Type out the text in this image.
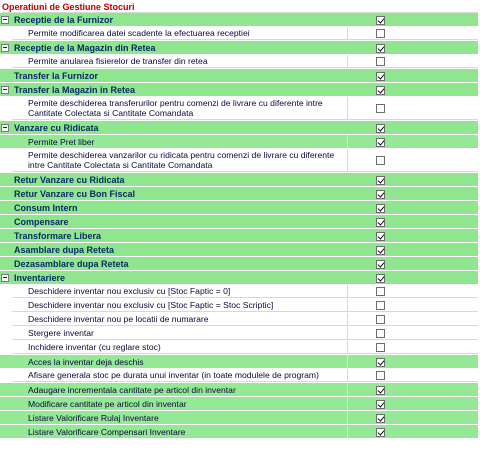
Operatiuni de Gestiune Stocuri
Receptie de la Furnizor
Permite modificarea datei scadente la efectuarea receptiei
Receptie de la Magazin din Retea
Permite anularea fisierelor de transfer din retea
Transfer la Furnizor
Transfer la Magazin in Retea
Permite deschiderea transferurilor pentru comenzi de livrare cu diferente intre Cantitate Colectata si Cantitate Comandata
Vanzare cu Ridicata
Permite Pret liber
Permite deschiderea vanzarilor cu ridicata pentru comenzi de livrare cu diferente intre Cantitate Colectata si Cantitate Comandata
Retur Vanzare cu Ridicata
Retur Vanzare cu Bon Fiscal
Consum Intern
Compensare
Transformare Libera
Asamblare dupa Reteta
Dezasamblare dupa Reteta
Inventariere
Deschidere inventar nou exclusiv cu [Stoc Faptic = 0]
Deschidere inventar nou exclusiv cu [Stoc Faptic = Stoc Scriptic]
Deschidere inventar nou pe locatii de numarare
Stergere inventar
Inchidere inventar (cu reglare stoc)
Acces la inventar deja deschis
Afisare generala stoc pe durata unui inventar (in toate modulele de program)
Adaugare incrementala cantitate pe articol din inventar
Modificare cantitate pe articol din inventar
Listare Valorificare Rulaj Inventare
Listare Valorificare Compensari Inventare
